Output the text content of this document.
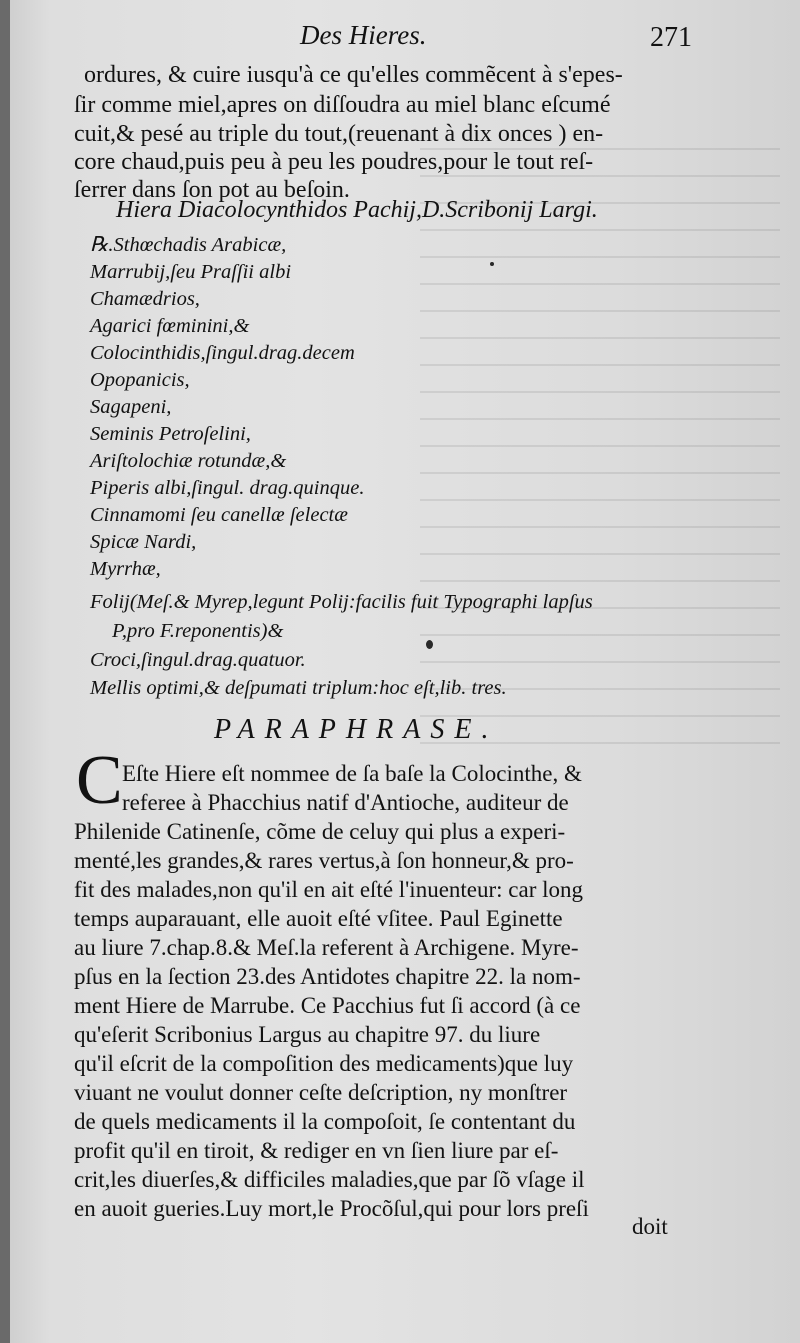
Des Hieres.	271
ordures, & cuire iusqu'à ce qu'elles commẽcent à s'epes-
ſir comme miel,apres on diſſoudra au miel blanc eſcumé
cuit,& pesé au triple du tout,(reuenant à dix onces ) en-
core chaud,puis peu à peu les poudres,pour le tout reſ-
ſerrer dans ſon pot au beſoin.
Hiera Diacolocynthidos Pachij,D.Scribonij Largi.
℞.Sthœchadis Arabicæ,
Marrubij,ſeu Praſſii albi
Chamædrios,
Agarici fœminini,&
Colocinthidis,ſingul.drag.decem
Opopanicis,
Sagapeni,
Seminis Petroſelini,
Ariſtolochiæ rotundæ,&
Piperis albi,ſingul. drag.quinque.
Cinnamomi ſeu canellæ ſelectæ
Spicæ Nardi,
Myrrhæ,
Folij(Meſ.& Myrep,legunt Polij:facilis fuit Typographi lapſus
P,pro F.reponentis)&
Croci,ſingul.drag.quatuor.
Mellis optimi,& deſpumati triplum:hoc eſt,lib. tres.
PARAPHRASE.
C Eſte Hiere eſt nommee de ſa baſe la Colocinthe, &
referee à Phacchius natif d'Antioche, auditeur de
Philenide Catinenſe, cõme de celuy qui plus a experi-
menté,les grandes,& rares vertus,à ſon honneur,& pro-
fit des malades,non qu'il en ait eſté l'inuenteur: car long
temps auparauant, elle auoit eſté vſitee. Paul Eginette
au liure 7.chap.8.& Meſ.la referent à Archigene. Myre-
pſus en la ſection 23.des Antidotes chapitre 22. la nom-
ment Hiere de Marrube. Ce Pacchius fut ſi accord (à ce
qu'eſerit Scribonius Largus au chapitre 97. du liure
qu'il eſcrit de la compoſition des medicaments)que luy
viuant ne voulut donner ceſte deſcription, ny monſtrer
de quels medicaments il la compoſoit, ſe contentant du
profit qu'il en tiroit, & rediger en vn ſien liure par eſ-
crit,les diuerſes,& difficiles maladies,que par ſõ vſage il
en auoit gueries.Luy mort,le Procõſul,qui pour lors preſi
doit
